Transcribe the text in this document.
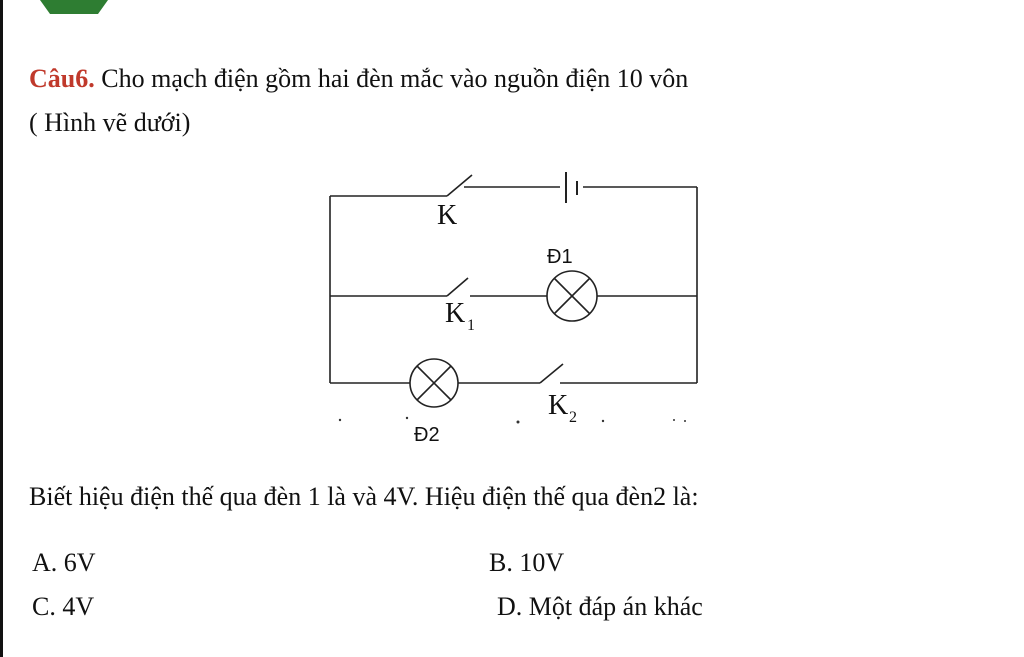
Câu6. Cho mạch điện gồm hai đèn mắc vào nguồn điện 10 vôn
( Hình vẽ dưới)
K
K 1
K 2
Đ1
Đ2
Biết hiệu điện thế qua đèn 1 là và 4V. Hiệu điện thế qua đèn2 là:
A. 6V	B. 10V
C. 4V	D. Một đáp án khác
